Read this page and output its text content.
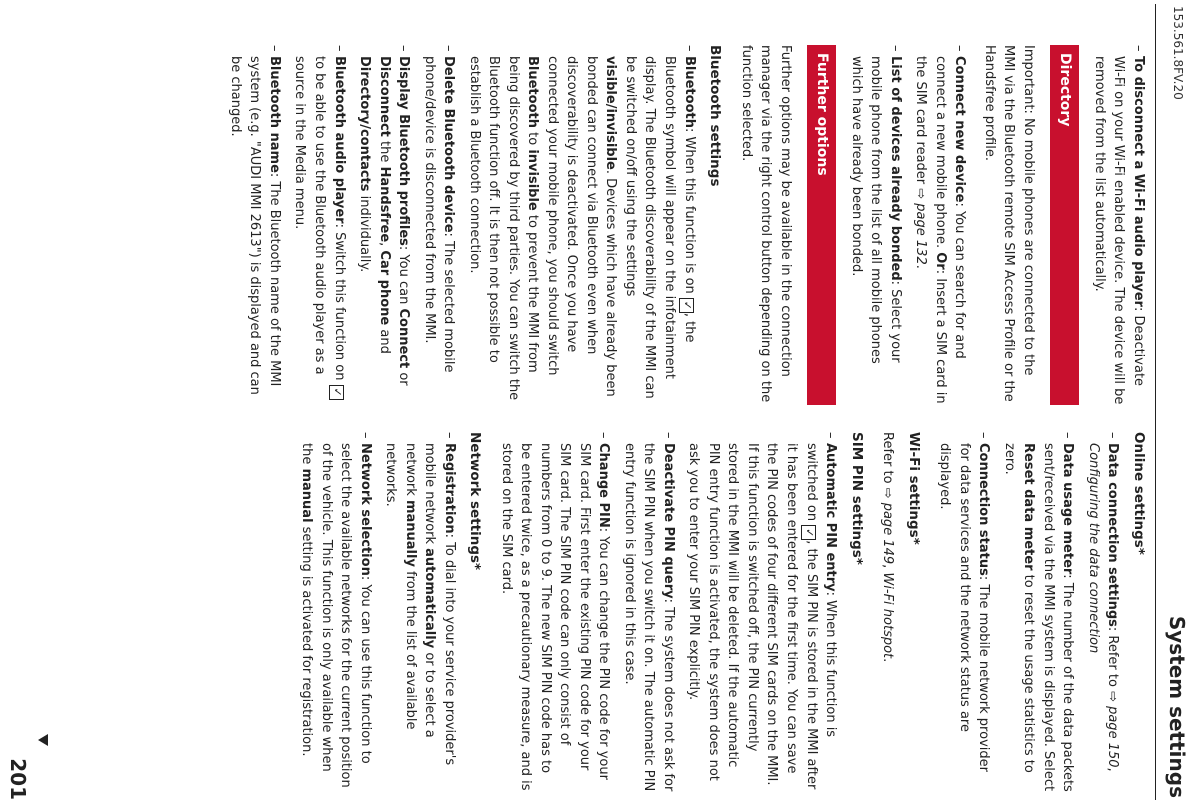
153.561.8FV.20
System settings
– To disconnect a Wi-Fi audio player: Deactivate Wi-Fi on your Wi-Fi enabled device. The device will be removed from the list automatically.
Directory

Important: No mobile phones are connected to the MMI via the Bluetooth remote SIM Access Profile or the Handsfree profile.

– Connect new device: You can search for and connect a new mobile phone. Or: Insert a SIM card in the SIM card reader ⇨ page 132.
– List of devices already bonded: Select your mobile phone from the list of all mobile phones which have already been bonded.
Further options

Further options may be available in the connection manager via the right control button depending on the function selected.

Bluetooth settings
– Bluetooth: When this function is on ✓, the Bluetooth symbol will appear on the infotainment display. The Bluetooth discoverability of the MMI can be switched on/off using the settings visible/invisible. Devices which have already been bonded can connect via Bluetooth even when discoverability is deactivated. Once you have connected your mobile phone, you should switch Bluetooth to invisible to prevent the MMI from being discovered by third parties. You can switch the Bluetooth function off. It is then not possible to establish a Bluetooth connection.
– Delete Bluetooth device: The selected mobile phone/device is disconnected from the MMI.
– Display Bluetooth profiles: You can Connect or Disconnect the Handsfree, Car phone and Directory/contacts individually.
– Bluetooth audio player: Switch this function on ✓ to be able to use the Bluetooth audio player as a source in the Media menu.
– Bluetooth name: The Bluetooth name of the MMI system (e.g. "AUDI MMI 2613") is displayed and can be changed.
Online settings*
– Data connection settings: Refer to ⇨ page 150, Configuring the data connection
– Data usage meter: The number of the data packets sent/received via the MMI system is displayed. Select Reset data meter to reset the usage statistics to zero.
– Connection status: The mobile network provider for data services and the network status are displayed.
Wi-Fi settings*

Refer to ⇨ page 149, Wi-Fi hotspot.

SIM PIN settings*
– Automatic PIN entry: When this function is switched on ✓, the SIM PIN is stored in the MMI after it has been entered for the first time. You can save the PIN codes of four different SIM cards on the MMI. If this function is switched off, the PIN currently stored in the MMI will be deleted. If the automatic PIN entry function is activated, the system does not ask you to enter your SIM PIN explicitly.
– Deactivate PIN query: The system does not ask for the SIM PIN when you switch it on. The automatic PIN entry function is ignored in this case.
– Change PIN: You can change the PIN code for your SIM card. First enter the existing PIN code for your SIM card. The SIM PIN code can only consist of numbers from 0 to 9. The new SIM PIN code has to be entered twice, as a precautionary measure, and is stored on the SIM card.
Network settings*
– Registration: To dial into your service provider's mobile network automatically or to select a network manually from the list of available networks.
– Network selection: You can use this function to select the available networks for the current position of the vehicle. This function is only available when the manual setting is activated for registration.
201
